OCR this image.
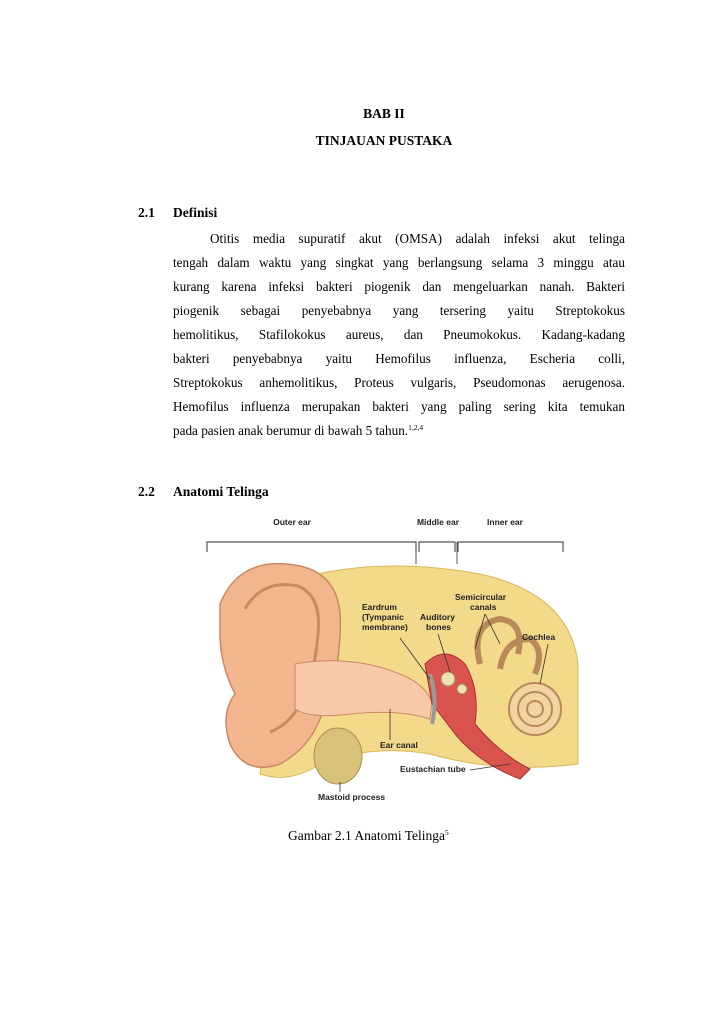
BAB II
TINJAUAN PUSTAKA
2.1 Definisi
Otitis media supuratif akut (OMSA) adalah infeksi akut telinga
tengah dalam waktu yang singkat yang berlangsung selama 3 minggu atau
kurang karena infeksi bakteri piogenik dan mengeluarkan nanah. Bakteri
piogenik sebagai penyebabnya yang tersering yaitu Streptokokus
hemolitikus, Stafilokokus aureus, dan Pneumokokus. Kadang-kadang
bakteri penyebabnya yaitu Hemofilus influenza, Escheria colli,
Streptokokus anhemolitikus, Proteus vulgaris, Pseudomonas aerugenosa.
Hemofilus influenza merupakan bakteri yang paling sering kita temukan
pada pasien anak berumur di bawah 5 tahun.$^{1,2,4}$
2.2 Anatomi Telinga
Outer ear	Middle ear	Inner ear
Eardrum (Tympanic membrane)
Auditory bones
Semicircular canals
Cochlea
Ear canal
Eustachian tube
Mastoid process
Gambar 2.1 Anatomi Telinga$^5$
